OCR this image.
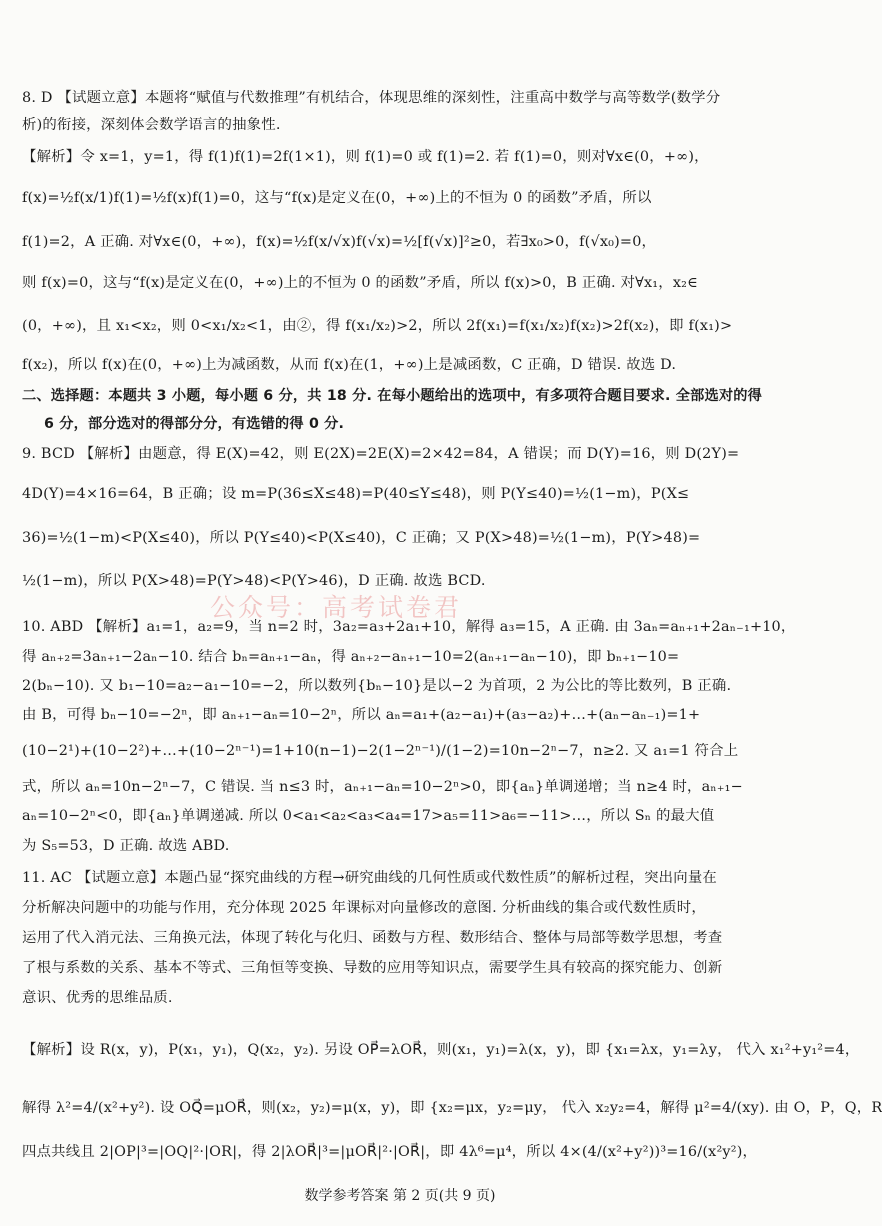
8. D 【试题立意】本题将“赋值与代数推理”有机结合，体现思维的深刻性，注重高中数学与高等数学(数学分
析)的衔接，深刻体会数学语言的抽象性.
【解析】令 x=1，y=1，得 f(1)f(1)=2f(1×1)，则 f(1)=0 或 f(1)=2. 若 f(1)=0，则对∀x∈(0，+∞)，
f(x)=½f(x/1)f(1)=½f(x)f(1)=0，这与“f(x)是定义在(0，+∞)上的不恒为 0 的函数”矛盾，所以
f(1)=2，A 正确. 对∀x∈(0，+∞)，f(x)=½f(x/√x)f(√x)=½[f(√x)]²≥0，若∃x₀>0，f(√x₀)=0，
则 f(x)=0，这与“f(x)是定义在(0，+∞)上的不恒为 0 的函数”矛盾，所以 f(x)>0，B 正确. 对∀x₁，x₂∈
(0，+∞)，且 x₁<x₂，则 0<x₁/x₂<1，由②，得 f(x₁/x₂)>2，所以 2f(x₁)=f(x₁/x₂)f(x₂)>2f(x₂)，即 f(x₁)>
f(x₂)，所以 f(x)在(0，+∞)上为减函数，从而 f(x)在(1，+∞)上是减函数，C 正确，D 错误. 故选 D.
二、选择题：本题共 3 小题，每小题 6 分，共 18 分. 在每小题给出的选项中，有多项符合题目要求. 全部选对的得
6 分，部分选对的得部分分，有选错的得 0 分.
9. BCD 【解析】由题意，得 E(X)=42，则 E(2X)=2E(X)=2×42=84，A 错误；而 D(Y)=16，则 D(2Y)=
4D(Y)=4×16=64，B 正确；设 m=P(36≤X≤48)=P(40≤Y≤48)，则 P(Y≤40)=½(1−m)，P(X≤
36)=½(1−m)<P(X≤40)，所以 P(Y≤40)<P(X≤40)，C 正确；又 P(X>48)=½(1−m)，P(Y>48)=
½(1−m)，所以 P(X>48)=P(Y>48)<P(Y>46)，D 正确. 故选 BCD.
公众号：高考试卷君
10. ABD 【解析】a₁=1，a₂=9，当 n=2 时，3a₂=a₃+2a₁+10，解得 a₃=15，A 正确. 由 3aₙ=aₙ₊₁+2aₙ₋₁+10，
得 aₙ₊₂=3aₙ₊₁−2aₙ−10. 结合 bₙ=aₙ₊₁−aₙ，得 aₙ₊₂−aₙ₊₁−10=2(aₙ₊₁−aₙ−10)，即 bₙ₊₁−10=
2(bₙ−10). 又 b₁−10=a₂−a₁−10=−2，所以数列{bₙ−10}是以−2 为首项，2 为公比的等比数列，B 正确.
由 B，可得 bₙ−10=−2ⁿ，即 aₙ₊₁−aₙ=10−2ⁿ，所以 aₙ=a₁+(a₂−a₁)+(a₃−a₂)+…+(aₙ−aₙ₋₁)=1+
(10−2¹)+(10−2²)+…+(10−2ⁿ⁻¹)=1+10(n−1)−2(1−2ⁿ⁻¹)/(1−2)=10n−2ⁿ−7，n≥2. 又 a₁=1 符合上
式，所以 aₙ=10n−2ⁿ−7，C 错误. 当 n≤3 时，aₙ₊₁−aₙ=10−2ⁿ>0，即{aₙ}单调递增；当 n≥4 时，aₙ₊₁−
aₙ=10−2ⁿ<0，即{aₙ}单调递减. 所以 0<a₁<a₂<a₃<a₄=17>a₅=11>a₆=−11>…，所以 Sₙ 的最大值
为 S₅=53，D 正确. 故选 ABD.
11. AC 【试题立意】本题凸显“探究曲线的方程→研究曲线的几何性质或代数性质”的解析过程，突出向量在
分析解决问题中的功能与作用，充分体现 2025 年课标对向量修改的意图. 分析曲线的集合或代数性质时，
运用了代入消元法、三角换元法，体现了转化与化归、函数与方程、数形结合、整体与局部等数学思想，考查
了根与系数的关系、基本不等式、三角恒等变换、导数的应用等知识点，需要学生具有较高的探究能力、创新
意识、优秀的思维品质.
【解析】设 R(x，y)，P(x₁，y₁)，Q(x₂，y₂). 另设 OP⃗=λOR⃗，则(x₁，y₁)=λ(x，y)，即 {x₁=λx，y₁=λy， 代入 x₁²+y₁²=4，
解得 λ²=4/(x²+y²). 设 OQ⃗=μOR⃗，则(x₂，y₂)=μ(x，y)，即 {x₂=μx，y₂=μy， 代入 x₂y₂=4，解得 μ²=4/(xy). 由 O，P，Q，R
四点共线且 2|OP|³=|OQ|²·|OR|，得 2|λOR⃗|³=|μOR⃗|²·|OR⃗|，即 4λ⁶=μ⁴，所以 4×(4/(x²+y²))³=16/(x²y²)，
数学参考答案 第 2 页(共 9 页)
